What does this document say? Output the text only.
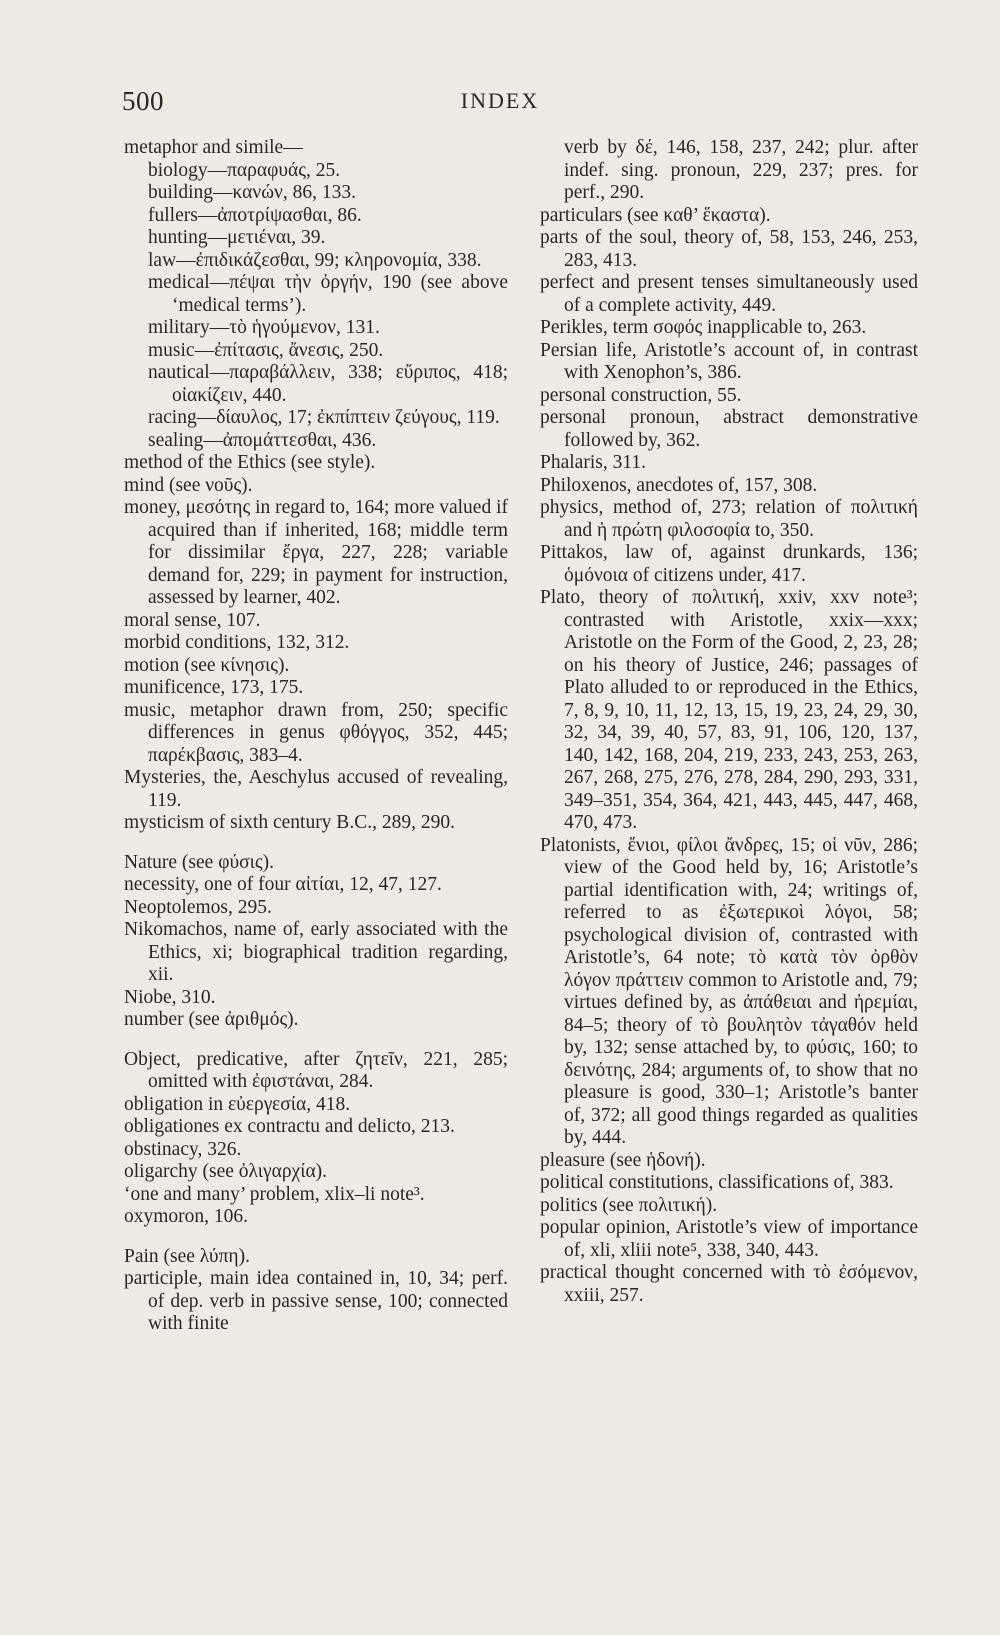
500	INDEX

metaphor and simile—

biology—παραφυάς, 25.

building—κανών, 86, 133.

fullers—ἀποτρίψασθαι, 86.

hunting—μετιέναι, 39.

law—ἐπιδικάζεσθαι, 99; κληρονομία, 338.

medical—πέψαι τὴν ὀργήν, 190 (see above ‘medical terms’).

military—τὸ ἡγούμενον, 131.

music—ἐπίτασις, ἄνεσις, 250.

nautical—παραβάλλειν, 338; εὔριπος, 418; οἰακίζειν, 440.

racing—δίαυλος, 17; ἐκπίπτειν ζεύγους, 119.

sealing—ἀπομάττεσθαι, 436.

method of the Ethics (see style).

mind (see νοῦς).

money, μεσότης in regard to, 164; more valued if acquired than if inherited, 168; middle term for dissimilar ἔργα, 227, 228; variable demand for, 229; in payment for instruction, assessed by learner, 402.

moral sense, 107.

morbid conditions, 132, 312.

motion (see κίνησις).

munificence, 173, 175.

music, metaphor drawn from, 250; specific differences in genus φθόγγος, 352, 445; παρέκβασις, 383–4.

Mysteries, the, Aeschylus accused of revealing, 119.

mysticism of sixth century B.C., 289, 290.

Nature (see φύσις).

necessity, one of four αἰτίαι, 12, 47, 127.

Neoptolemos, 295.

Nikomachos, name of, early associated with the Ethics, xi; biographical tradition regarding, xii.

Niobe, 310.

number (see ἀριθμός).

Object, predicative, after ζητεῖν, 221, 285; omitted with ἐφιστάναι, 284.

obligation in εὐεργεσία, 418.

obligationes ex contractu and delicto, 213.

obstinacy, 326.

oligarchy (see ὀλιγαρχία).

‘one and many’ problem, xlix–li note³.

oxymoron, 106.

Pain (see λύπη).

participle, main idea contained in, 10, 34; perf. of dep. verb in passive sense, 100; connected with finite

verb by δέ, 146, 158, 237, 242; plur. after indef. sing. pronoun, 229, 237; pres. for perf., 290.

particulars (see καθ’ ἕκαστα).

parts of the soul, theory of, 58, 153, 246, 253, 283, 413.

perfect and present tenses simultaneously used of a complete activity, 449.

Perikles, term σοφός inapplicable to, 263.

Persian life, Aristotle’s account of, in contrast with Xenophon’s, 386.

personal construction, 55.

personal pronoun, abstract demonstrative followed by, 362.

Phalaris, 311.

Philoxenos, anecdotes of, 157, 308.

physics, method of, 273; relation of πολιτική and ἡ πρώτη φιλοσοφία to, 350.

Pittakos, law of, against drunkards, 136; ὁμόνοια of citizens under, 417.

Plato, theory of πολιτική, xxiv, xxv note³; contrasted with Aristotle, xxix—xxx; Aristotle on the Form of the Good, 2, 23, 28; on his theory of Justice, 246; passages of Plato alluded to or reproduced in the Ethics, 7, 8, 9, 10, 11, 12, 13, 15, 19, 23, 24, 29, 30, 32, 34, 39, 40, 57, 83, 91, 106, 120, 137, 140, 142, 168, 204, 219, 233, 243, 253, 263, 267, 268, 275, 276, 278, 284, 290, 293, 331, 349–351, 354, 364, 421, 443, 445, 447, 468, 470, 473.

Platonists, ἔνιοι, φίλοι ἄνδρες, 15; οἱ νῦν, 286; view of the Good held by, 16; Aristotle’s partial identification with, 24; writings of, referred to as ἐξωτερικοὶ λόγοι, 58; psychological division of, contrasted with Aristotle’s, 64 note; τὸ κατὰ τὸν ὀρθὸν λόγον πράττειν common to Aristotle and, 79; virtues defined by, as ἀπάθειαι and ἠρεμίαι, 84–5; theory of τὸ βουλητὸν τἀγαθόν held by, 132; sense attached by, to φύσις, 160; to δεινότης, 284; arguments of, to show that no pleasure is good, 330–1; Aristotle’s banter of, 372; all good things regarded as qualities by, 444.

pleasure (see ἡδονή).

political constitutions, classifications of, 383.

politics (see πολιτική).

popular opinion, Aristotle’s view of importance of, xli, xliii note⁵, 338, 340, 443.

practical thought concerned with τὸ ἐσόμενον, xxiii, 257.
